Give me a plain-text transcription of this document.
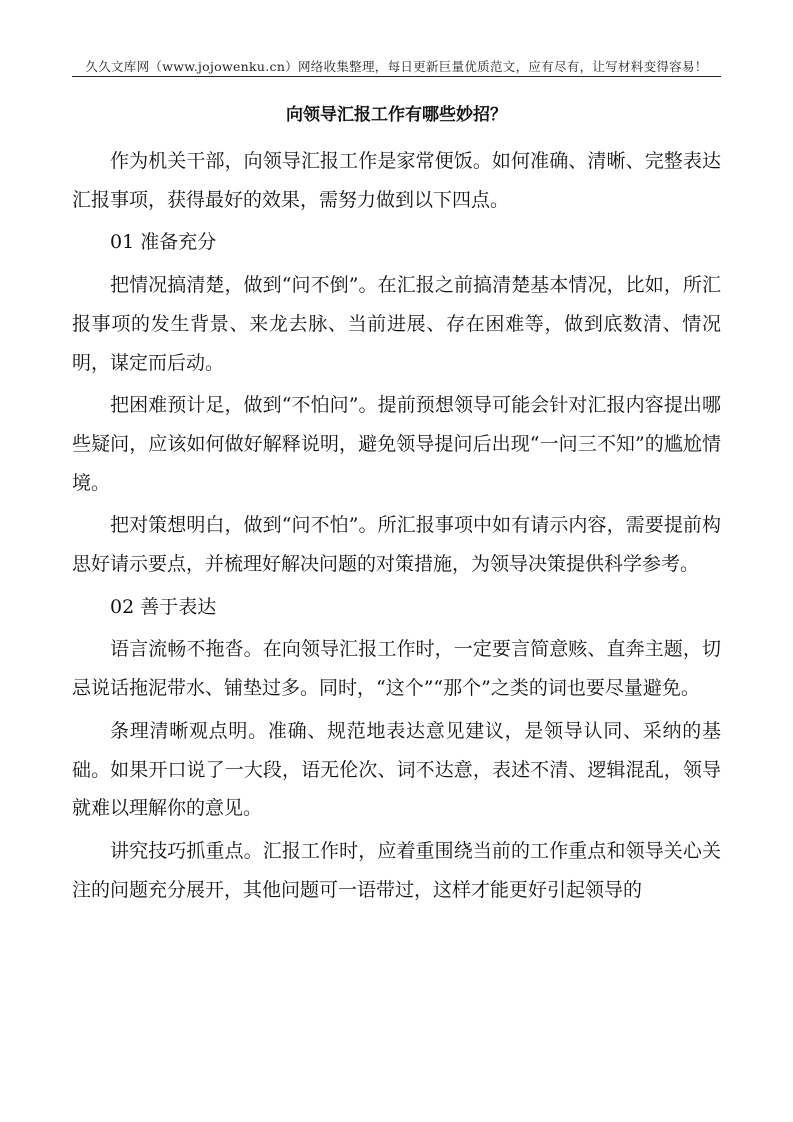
久久文库网（www.jojowenku.cn）网络收集整理，每日更新巨量优质范文，应有尽有，让写材料变得容易！
向领导汇报工作有哪些妙招？

作为机关干部，向领导汇报工作是家常便饭。如何准确、清晰、完整表达汇报事项，获得最好的效果，需努力做到以下四点。

01 准备充分

把情况搞清楚，做到“问不倒”。在汇报之前搞清楚基本情况，比如，所汇报事项的发生背景、来龙去脉、当前进展、存在困难等，做到底数清、情况明，谋定而后动。

把困难预计足，做到“不怕问”。提前预想领导可能会针对汇报内容提出哪些疑问，应该如何做好解释说明，避免领导提问后出现“一问三不知”的尴尬情境。

把对策想明白，做到“问不怕”。所汇报事项中如有请示内容，需要提前构思好请示要点，并梳理好解决问题的对策措施，为领导决策提供科学参考。

02 善于表达

语言流畅不拖沓。在向领导汇报工作时，一定要言简意赅、直奔主题，切忌说话拖泥带水、铺垫过多。同时，“这个”“那个”之类的词也要尽量避免。

条理清晰观点明。准确、规范地表达意见建议，是领导认同、采纳的基础。如果开口说了一大段，语无伦次、词不达意，表述不清、逻辑混乱，领导就难以理解你的意见。

讲究技巧抓重点。汇报工作时，应着重围绕当前的工作重点和领导关心关注的问题充分展开，其他问题可一语带过，这样才能更好引起领导的
